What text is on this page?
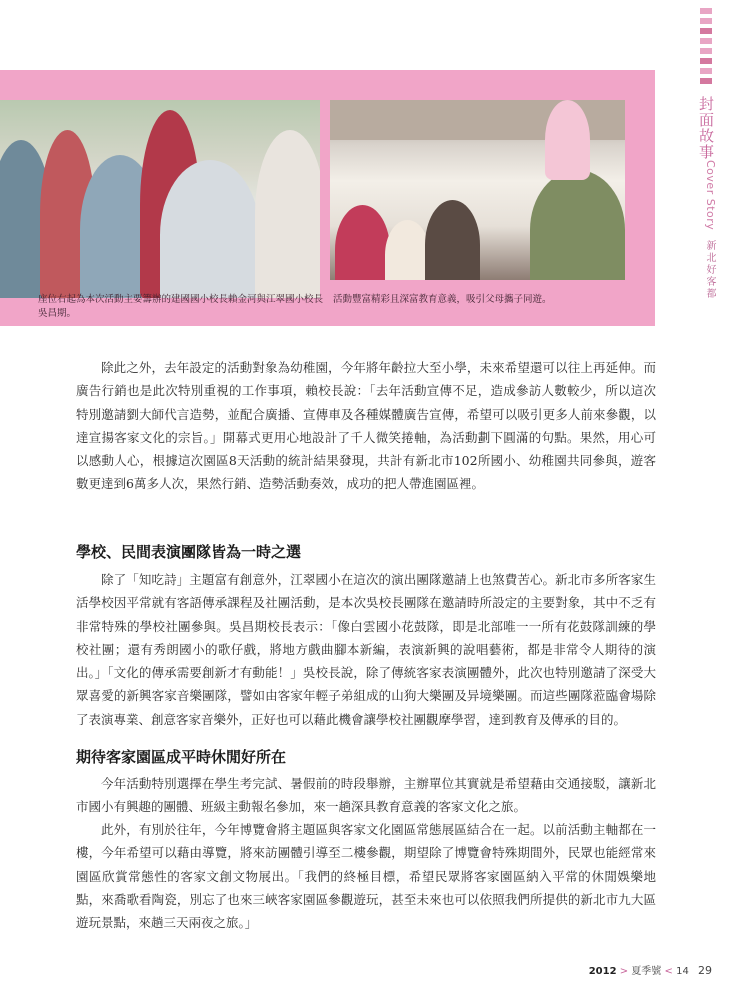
封面故事
Cover Story
新北好客都
座位右起為本次活動主要籌辦的建國國小校長賴金河與江翠國小校長吳昌期。
活動豐富精彩且深富教育意義，吸引父母攜子同遊。

除此之外，去年設定的活動對象為幼稚園，今年將年齡拉大至小學，未來希望還可以往上再延伸。而廣告行銷也是此次特別重視的工作事項，賴校長說：「去年活動宣傳不足，造成參訪人數較少，所以這次特別邀請劉大師代言造勢，並配合廣播、宣傳車及各種媒體廣告宣傳，希望可以吸引更多人前來參觀，以達宣揚客家文化的宗旨。」開幕式更用心地設計了千人微笑捲軸，為活動劃下圓滿的句點。果然，用心可以感動人心，根據這次園區8天活動的統計結果發現，共計有新北市102所國小、幼稚園共同參與，遊客數更達到6萬多人次，果然行銷、造勢活動奏效，成功的把人帶進園區裡。

學校、民間表演團隊皆為一時之選

除了「知吃詩」主題富有創意外，江翠國小在這次的演出團隊邀請上也煞費苦心。新北市多所客家生活學校因平常就有客語傳承課程及社團活動，是本次吳校長團隊在邀請時所設定的主要對象，其中不乏有非常特殊的學校社團參與。吳昌期校長表示：「像白雲國小花鼓隊，即是北部唯一一所有花鼓隊訓練的學校社團；還有秀朗國小的歌仔戲，將地方戲曲腳本新編，表演新興的說唱藝術，都是非常令人期待的演出。」

「文化的傳承需要創新才有動能！」吳校長說，除了傳統客家表演團體外，此次也特別邀請了深受大眾喜愛的新興客家音樂團隊，譬如由客家年輕子弟組成的山狗大樂團及异境樂團。而這些團隊蒞臨會場除了表演專業、創意客家音樂外，正好也可以藉此機會讓學校社團觀摩學習，達到教育及傳承的目的。

期待客家園區成平時休閒好所在

今年活動特別選擇在學生考完試、暑假前的時段舉辦，主辦單位其實就是希望藉由交通接駁，讓新北市國小有興趣的團體、班級主動報名參加，來一趟深具教育意義的客家文化之旅。

此外，有別於往年，今年博覽會將主題區與客家文化園區常態展區結合在一起。以前活動主軸都在一樓，今年希望可以藉由導覽，將來訪團體引導至二樓參觀，期望除了博覽會特殊期間外，民眾也能經常來園區欣賞常態性的客家文創文物展出。「我們的終極目標，希望民眾將客家園區納入平常的休閒娛樂地點，來喬歌看陶瓷，別忘了也來三峽客家園區參觀遊玩，甚至未來也可以依照我們所提供的新北市九大區遊玩景點，來趟三天兩夜之旅。」

2012 > 夏季號 < 14 29
